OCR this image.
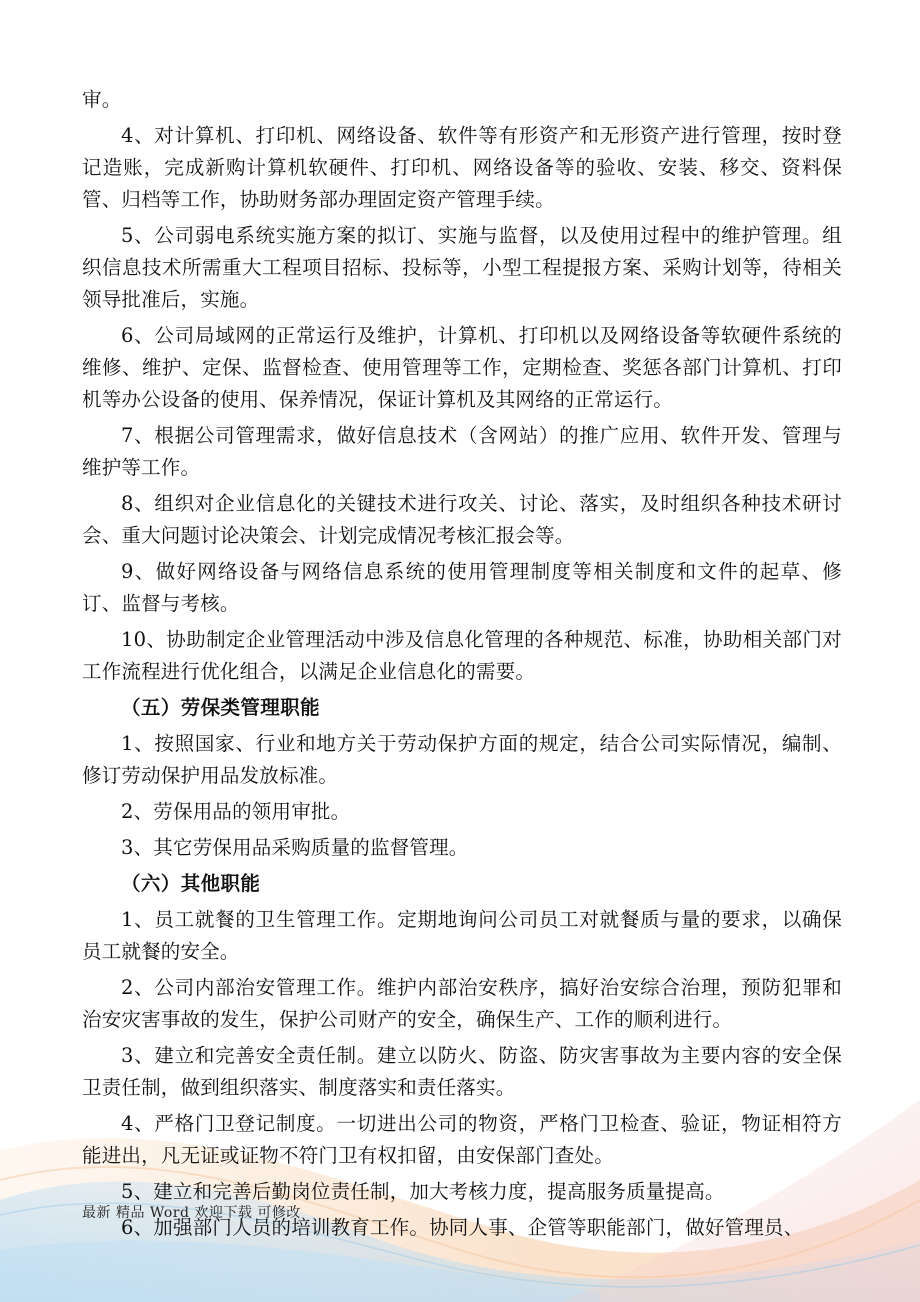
审。

4、对计算机、打印机、网络设备、软件等有形资产和无形资产进行管理，按时登记造账，完成新购计算机软硬件、打印机、网络设备等的验收、安装、移交、资料保管、归档等工作，协助财务部办理固定资产管理手续。

5、公司弱电系统实施方案的拟订、实施与监督，以及使用过程中的维护管理。组织信息技术所需重大工程项目招标、投标等，小型工程提报方案、采购计划等，待相关领导批准后，实施。

6、公司局域网的正常运行及维护，计算机、打印机以及网络设备等软硬件系统的维修、维护、定保、监督检查、使用管理等工作，定期检查、奖惩各部门计算机、打印机等办公设备的使用、保养情况，保证计算机及其网络的正常运行。

7、根据公司管理需求，做好信息技术（含网站）的推广应用、软件开发、管理与维护等工作。

8、组织对企业信息化的关键技术进行攻关、讨论、落实，及时组织各种技术研讨会、重大问题讨论决策会、计划完成情况考核汇报会等。

9、做好网络设备与网络信息系统的使用管理制度等相关制度和文件的起草、修订、监督与考核。

10、协助制定企业管理活动中涉及信息化管理的各种规范、标准，协助相关部门对工作流程进行优化组合，以满足企业信息化的需要。

（五）劳保类管理职能

1、按照国家、行业和地方关于劳动保护方面的规定，结合公司实际情况，编制、修订劳动保护用品发放标准。

2、劳保用品的领用审批。

3、其它劳保用品采购质量的监督管理。

（六）其他职能

1、员工就餐的卫生管理工作。定期地询问公司员工对就餐质与量的要求，以确保员工就餐的安全。

2、公司内部治安管理工作。维护内部治安秩序，搞好治安综合治理，预防犯罪和治安灾害事故的发生，保护公司财产的安全，确保生产、工作的顺利进行。

3、建立和完善安全责任制。建立以防火、防盗、防灾害事故为主要内容的安全保卫责任制，做到组织落实、制度落实和责任落实。

4、严格门卫登记制度。一切进出公司的物资，严格门卫检查、验证，物证相符方能进出，凡无证或证物不符门卫有权扣留，由安保部门查处。

5、建立和完善后勤岗位责任制，加大考核力度，提高服务质量提高。

6、加强部门人员的培训教育工作。协同人事、企管等职能部门，做好管理员、

最新 精品 Word 欢迎下载 可修改
